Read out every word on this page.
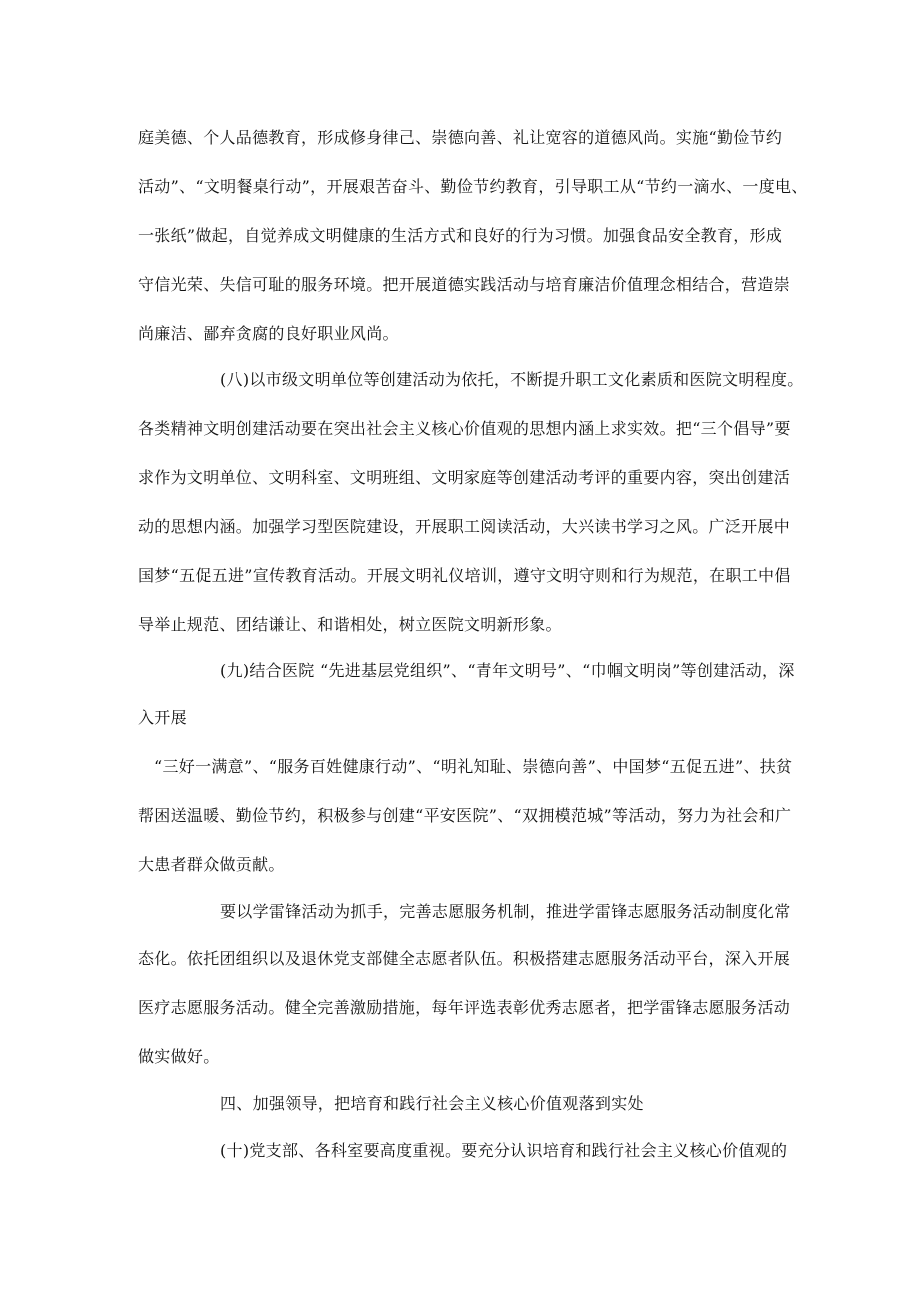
庭美德、个人品德教育，形成修身律己、崇德向善、礼让宽容的道德风尚。实施“勤俭节约
活动”、“文明餐桌行动”，开展艰苦奋斗、勤俭节约教育，引导职工从“节约一滴水、一度电、
一张纸”做起，自觉养成文明健康的生活方式和良好的行为习惯。加强食品安全教育，形成
守信光荣、失信可耻的服务环境。把开展道德实践活动与培育廉洁价值理念相结合，营造崇
尚廉洁、鄙弃贪腐的良好职业风尚。
(八)以市级文明单位等创建活动为依托，不断提升职工文化素质和医院文明程度。
各类精神文明创建活动要在突出社会主义核心价值观的思想内涵上求实效。把“三个倡导”要
求作为文明单位、文明科室、文明班组、文明家庭等创建活动考评的重要内容，突出创建活
动的思想内涵。加强学习型医院建设，开展职工阅读活动，大兴读书学习之风。广泛开展中
国梦“五促五进”宣传教育活动。开展文明礼仪培训，遵守文明守则和行为规范，在职工中倡
导举止规范、团结谦让、和谐相处，树立医院文明新形象。
(九)结合医院 “先进基层党组织”、“青年文明号”、“巾帼文明岗”等创建活动，深
入开展
“三好一满意”、“服务百姓健康行动”、“明礼知耻、崇德向善”、中国梦“五促五进”、扶贫
帮困送温暖、勤俭节约，积极参与创建“平安医院”、“双拥模范城”等活动，努力为社会和广
大患者群众做贡献。
要以学雷锋活动为抓手，完善志愿服务机制，推进学雷锋志愿服务活动制度化常
态化。依托团组织以及退休党支部健全志愿者队伍。积极搭建志愿服务活动平台，深入开展
医疗志愿服务活动。健全完善激励措施，每年评选表彰优秀志愿者，把学雷锋志愿服务活动
做实做好。
四、加强领导，把培育和践行社会主义核心价值观落到实处
(十)党支部、各科室要高度重视。要充分认识培育和践行社会主义核心价值观的
